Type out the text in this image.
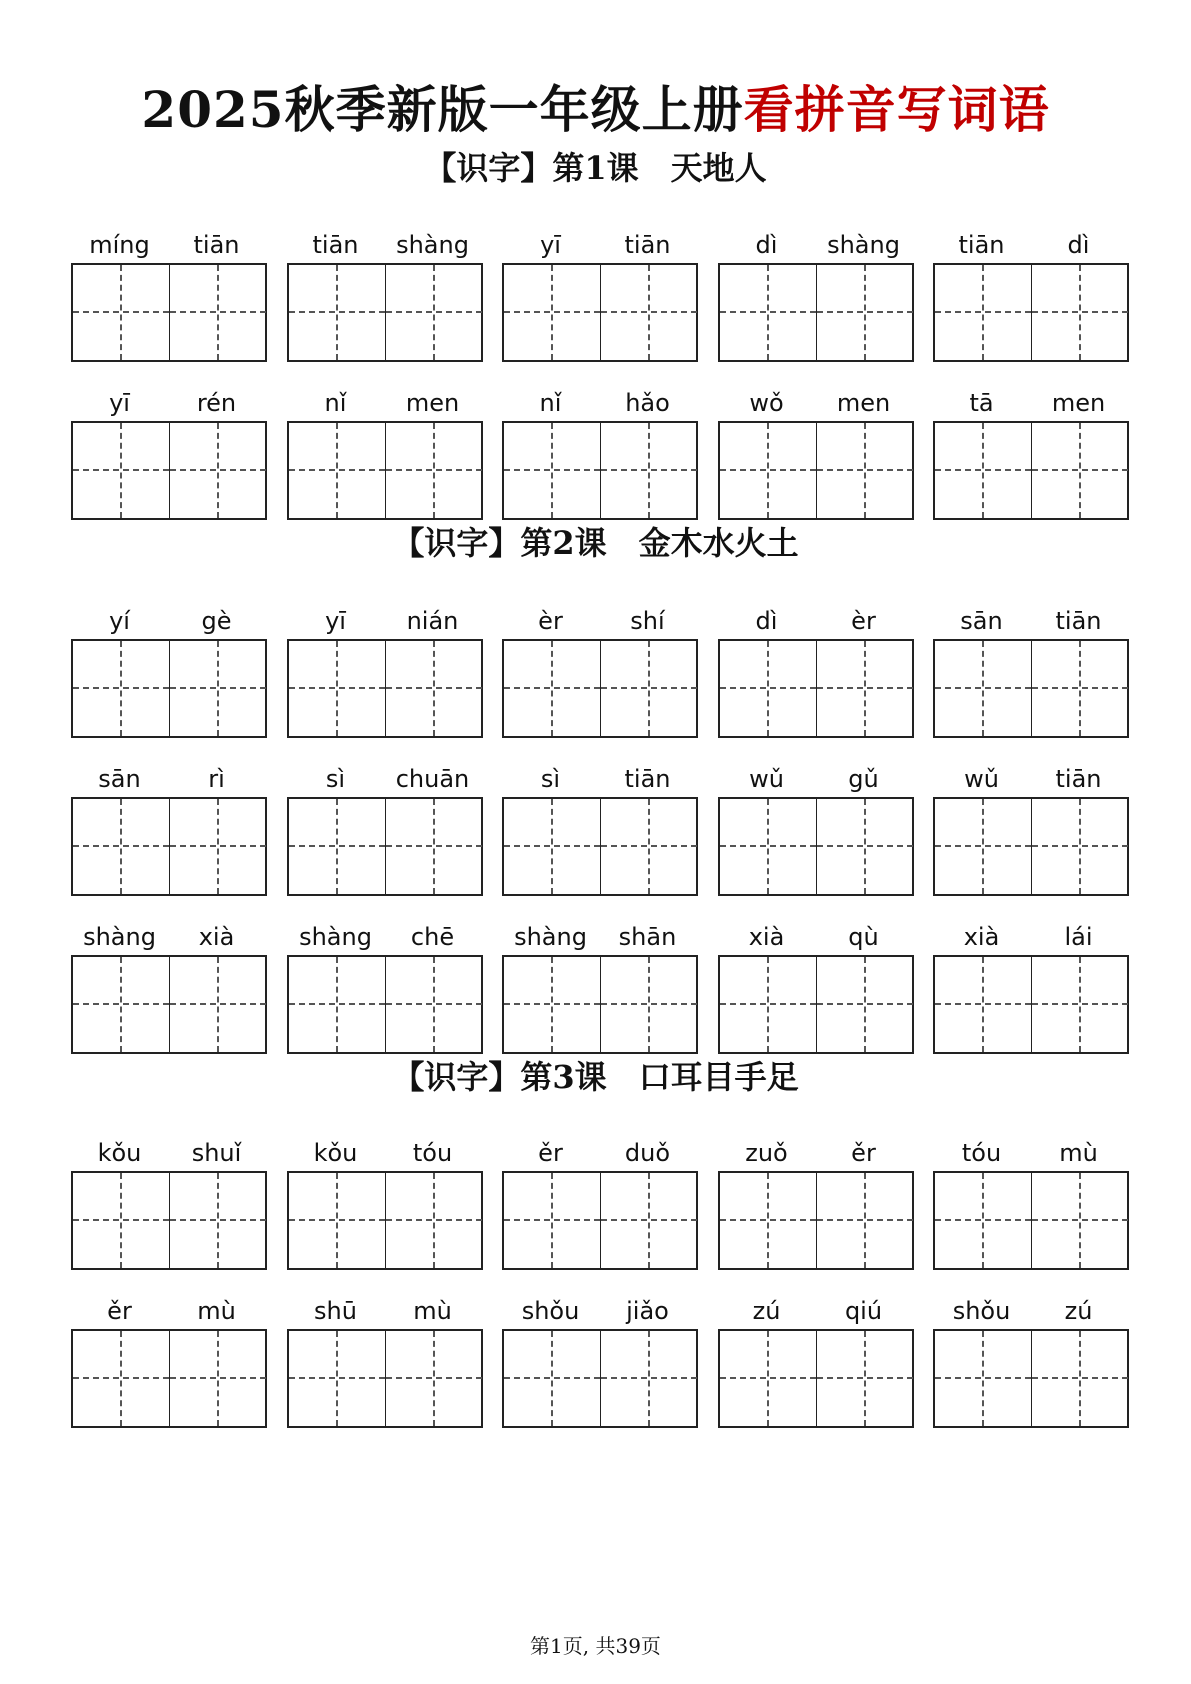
2025秋季新版一年级上册看拼音写词语
【识字】第1课　天地人
【识字】第2课　金木水火土
【识字】第3课　口耳目手足
míng	tiān	tiān	shàng	yī	tiān	dì	shàng	tiān	dì
yī	rén	nǐ	men	nǐ	hǎo	wǒ	men	tā	men
yí	gè	yī	nián	èr	shí	dì	èr	sān	tiān
sān	rì	sì	chuān	sì	tiān	wǔ	gǔ	wǔ	tiān
shàng	xià	shàng	chē	shàng	shān	xià	qù	xià	lái
kǒu	shuǐ	kǒu	tóu	ěr	duǒ	zuǒ	ěr	tóu	mù
ěr	mù	shū	mù	shǒu	jiǎo	zú	qiú	shǒu	zú
第1页, 共39页
